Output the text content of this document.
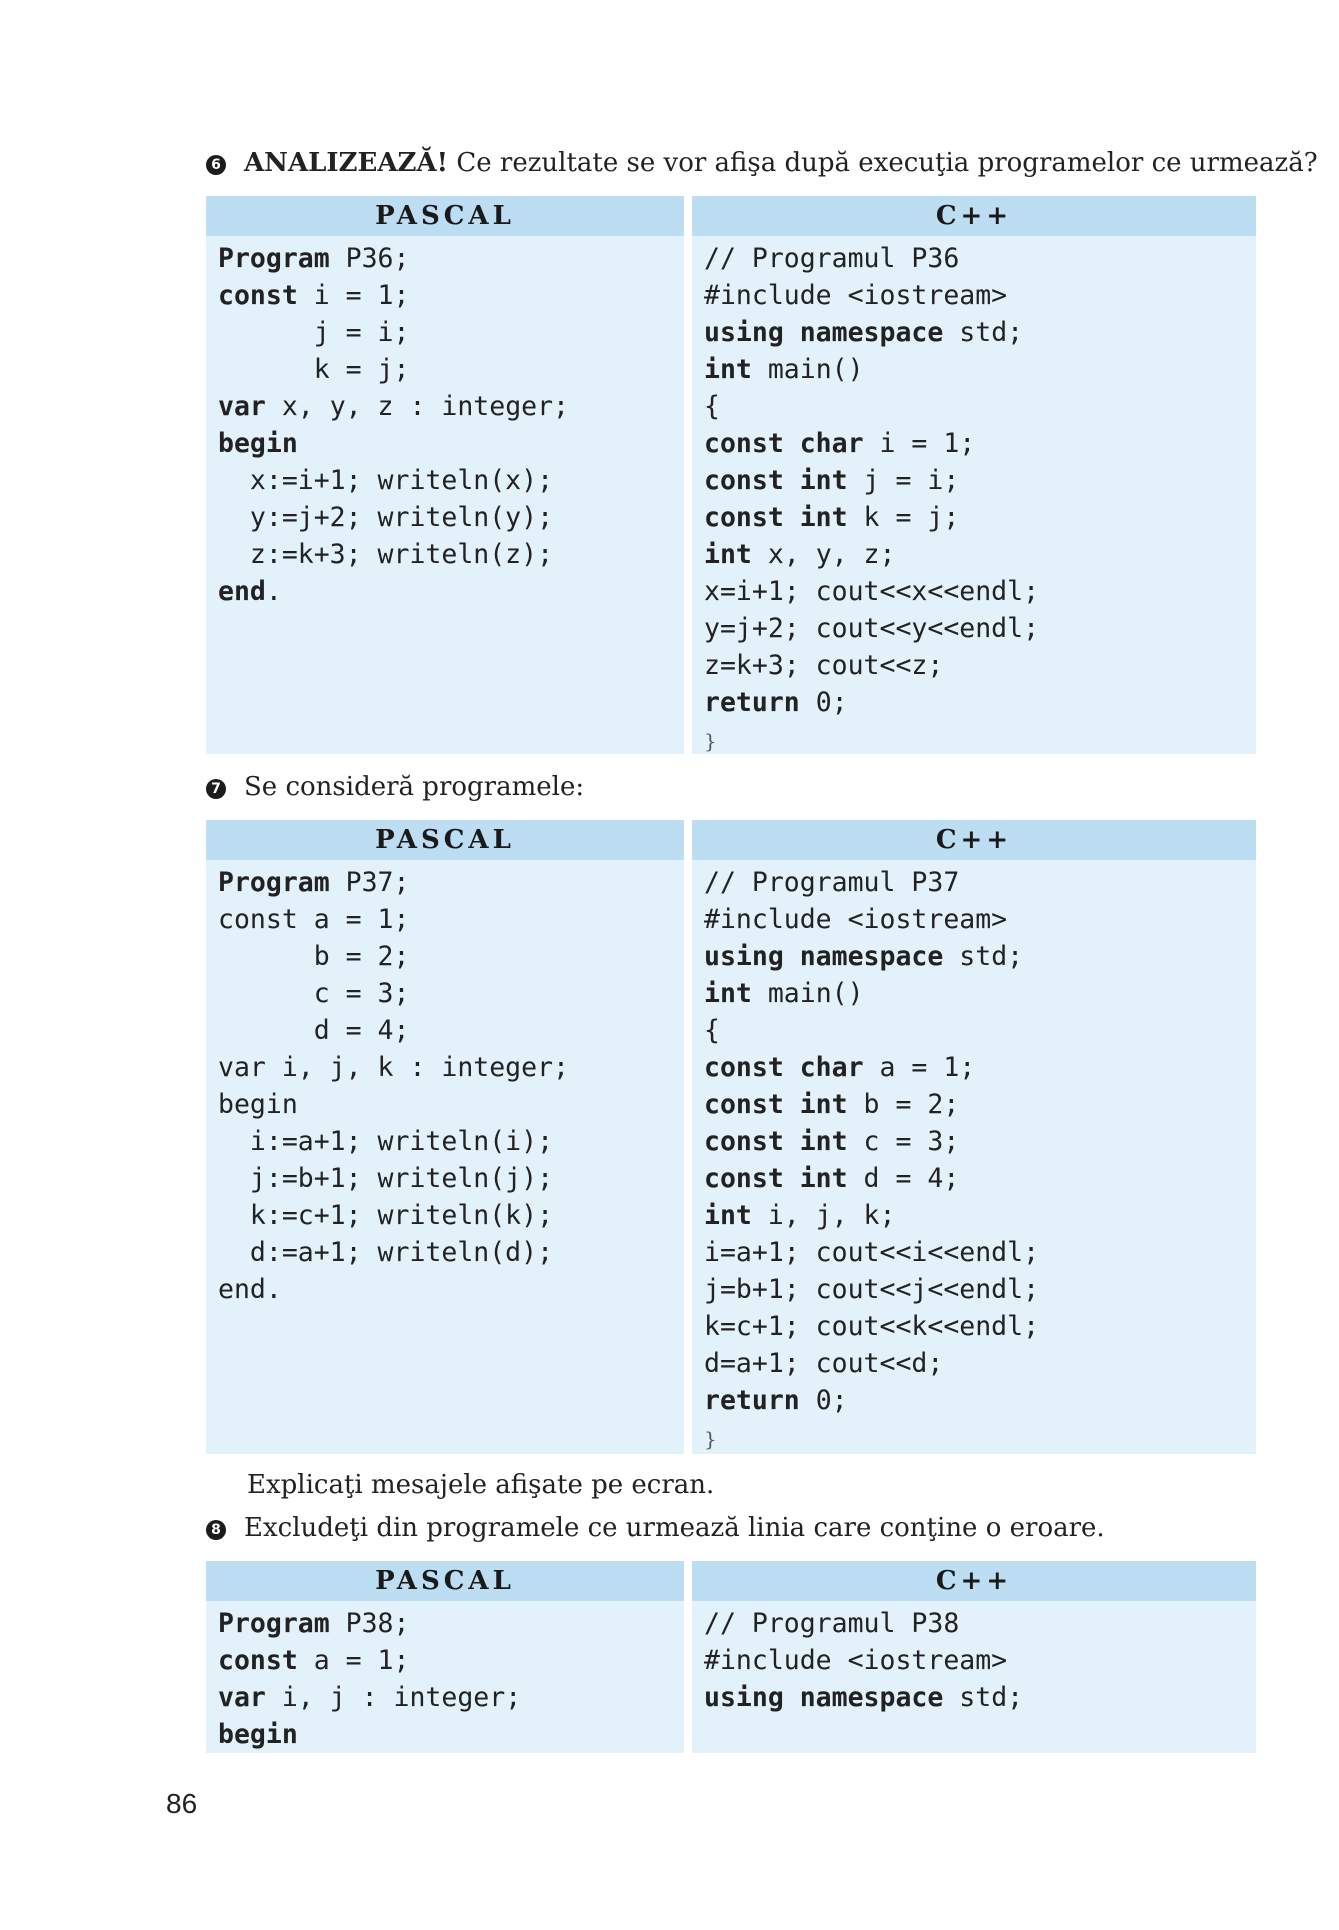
6 ANALIZEAZĂ! Ce rezultate se vor afişa după execuţia programelor ce urmează?
PASCAL
Program P36;
const i = 1;
j = i;
k = j;
var x, y, z : integer;
begin
x:=i+1; writeln(x);
y:=j+2; writeln(y);
z:=k+3; writeln(z);
end.
C++
// Programul P36
#include <iostream>
using namespace std;
int main()
{
const char i = 1;
const int j = i;
const int k = j;
int x, y, z;
x=i+1; cout<<x<<endl;
y=j+2; cout<<y<<endl;
z=k+3; cout<<z;
return 0;
}
7 Se consideră programele:
PASCAL
Program P37;
const a = 1;
b = 2;
c = 3;
d = 4;
var i, j, k : integer;
begin
i:=a+1; writeln(i);
j:=b+1; writeln(j);
k:=c+1; writeln(k);
d:=a+1; writeln(d);
end.
C++
// Programul P37
#include <iostream>
using namespace std;
int main()
{
const char a = 1;
const int b = 2;
const int c = 3;
const int d = 4;
int i, j, k;
i=a+1; cout<<i<<endl;
j=b+1; cout<<j<<endl;
k=c+1; cout<<k<<endl;
d=a+1; cout<<d;
return 0;
}
Explicaţi mesajele afişate pe ecran.
8 Excludeţi din programele ce urmează linia care conţine o eroare.
PASCAL
Program P38;
const a = 1;
var i, j : integer;
begin
C++
// Programul P38
#include <iostream>
using namespace std;
86
